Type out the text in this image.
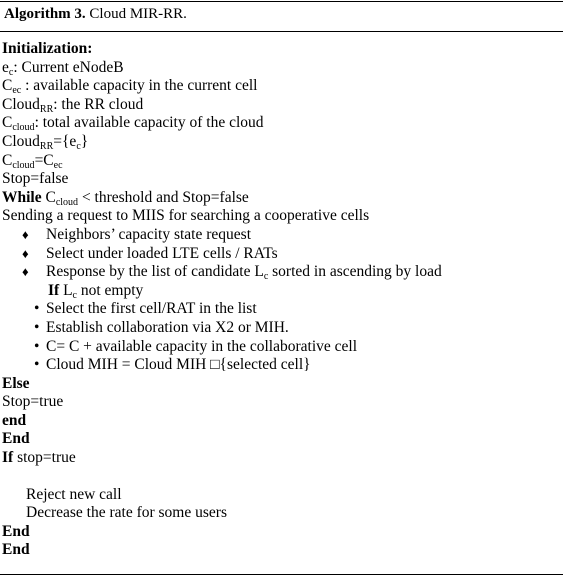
Algorithm 3. Cloud MIR-RR.
Initialization:
$e_c$: Current eNodeB
$C_{ec}$ : available capacity in the current cell
Cloud$_{RR}$: the RR cloud
$C_{cloud}$: total available capacity of the cloud
$Cloud_{RR}=\{e_c\}$
$C_{cloud}=C_{ec}$
Stop=false
While $C_{cloud}$ < threshold and Stop=false
Sending a request to MIIS for searching a cooperative cells
♦ Neighbors’ capacity state request
♦ Select under loaded LTE cells / RATs
♦ Response by the list of candidate $L_c$ sorted in ascending by load
If $L_c$ not empty
• Select the first cell/RAT in the list
• Establish collaboration via X2 or MIH.
• C= C + available capacity in the collaborative cell
• Cloud MIH = Cloud MIH □{selected cell}
Else
Stop=true
end
End
If stop=true
Reject new call
Decrease the rate for some users
End
End
